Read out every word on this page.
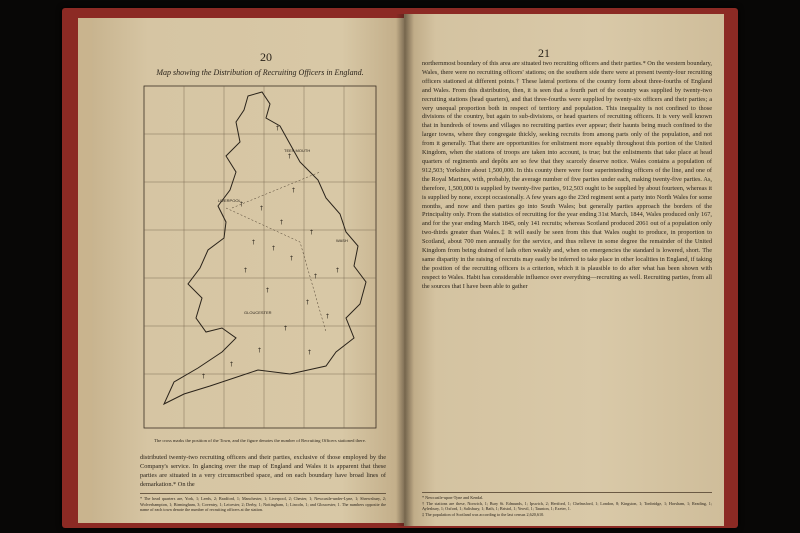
20
Map showing the Distribution of Recruiting Officers in England.
†
†
†
†
†
†
†
†
†
†
†
†
†
†
†
†
†
†	†
†
†
TEES MOUTH
LIVERPOOL
GLOUCESTER
WASH
The cross marks the position of the Town, and the figure denotes the number of Recruiting Officers stationed there.
distributed twenty-two recruiting officers and their parties, exclusive of those employed by the Company's service. In glancing over the map of England and Wales it is apparent that these parties are situated in a very circumscribed space, and on each boundary have broad lines of demarkation.* On the
* The head quarters are, York, 1; Leeds, 2; Bradford, 1; Manchester, 1; Liverpool, 2; Chester, 1; Newcastle-under-Lyne, 1; Shrewsbury, 2; Wolverhampton, 1; Birmingham, 3; Coventry, 1; Leicester, 2; Derby, 1; Nottingham, 1; Lincoln, 1; and Gloucester, 1. The numbers opposite the name of each town denote the number of recruiting officers at the station.
21
northernmost boundary of this area are situated two recruiting officers and their parties.* On the western boundary, Wales, there were no recruiting officers' stations; on the southern side there were at present twenty-four recruiting officers stationed at different points.† These lateral portions of the country form about three-fourths of England and Wales. From this distribution, then, it is seen that a fourth part of the country was supplied by twenty-two recruiting stations (head quarters), and that three-fourths were supplied by twenty-six officers and their parties; a very unequal proportion both in respect of territory and population. This inequality is not confined to those divisions of the country, but again to sub-divisions, or head quarters of recruiting officers. It is very well known that in hundreds of towns and villages no recruiting parties ever appear; their haunts being much confined to the larger towns, where they congregate thickly, seeking recruits from among parts only of the population, and not from it generally. That there are opportunities for enlistment more equably throughout this portion of the United Kingdom, when the stations of troops are taken into account, is true; but the enlistments that take place at head quarters of regiments and depôts are so few that they scarcely deserve notice. Wales contains a population of 912,503; Yorkshire about 1,500,000. In this county there were four superintending officers of the line, and one of the Royal Marines, with, probably, the average number of five parties under each, making twenty-five parties. As, therefore, 1,500,000 is supplied by twenty-five parties, 912,503 ought to be supplied by about fourteen, whereas it is supplied by none, except occasionally. A few years ago the 23rd regiment sent a party into North Wales for some months, and now and then parties go into South Wales; but generally parties approach the borders of the Principality only. From the statistics of recruiting for the year ending 31st March, 1844, Wales produced only 167, and for the year ending March 1845, only 141 recruits; whereas Scotland produced 2061 out of a population only two-thirds greater than Wales.‡ It will easily be seen from this that Wales ought to produce, in proportion to Scotland, about 700 men annually for the service, and thus relieve in some degree the remainder of the United Kingdom from being drained of lads often weakly and, when on emergencies the standard is lowered, short. The same disparity in the raising of recruits may easily be inferred to take place in other localities in England, if taking the position of the recruiting officers is a criterion, which it is plausible to do after what has been shown with respect to Wales. Habit has considerable influence over everything—recruiting as well. Recruiting parties, from all the sources that I have been able to gather
* Newcastle-upon-Tyne and Kendal.
† The stations are these, Norwich, 1; Bury St. Edmunds, 1; Ipswich, 2; Hertford, 1; Chelmsford, 1; London, 8; Kingston, 1; Tonbridge, 1; Horsham, 1; Reading, 1; Aylesbury, 1; Oxford, 1; Salisbury, 1; Bath, 1; Bristol, 1; Yeovil, 1; Taunton, 1; Exeter, 1.
‡ The population of Scotland was according to the last census 2,620,610.
